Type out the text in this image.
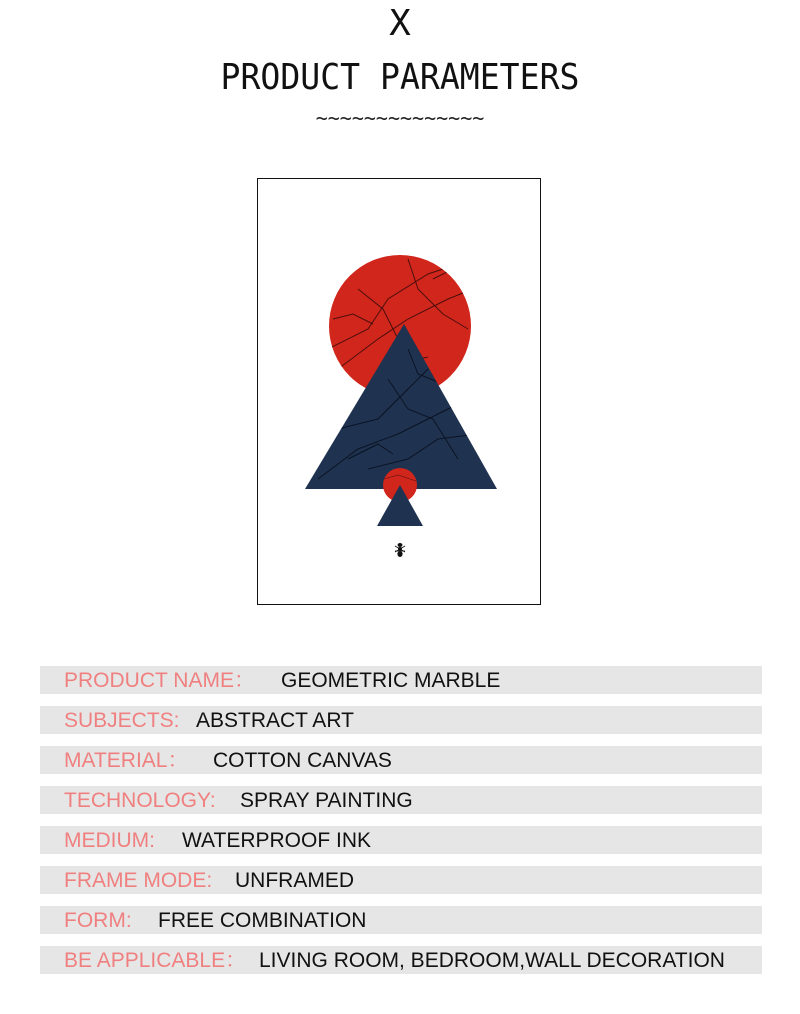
X
PRODUCT PARAMETERS
~~~~~~~~~~~~~~
PRODUCT NAME： GEOMETRIC MARBLE
SUBJECTS: ABSTRACT ART
MATERIAL： COTTON CANVAS
TECHNOLOGY: SPRAY PAINTING
MEDIUM: WATERPROOF INK
FRAME MODE: UNFRAMED
FORM: FREE COMBINATION
BE APPLICABLE： LIVING ROOM, BEDROOM,WALL DECORATION
